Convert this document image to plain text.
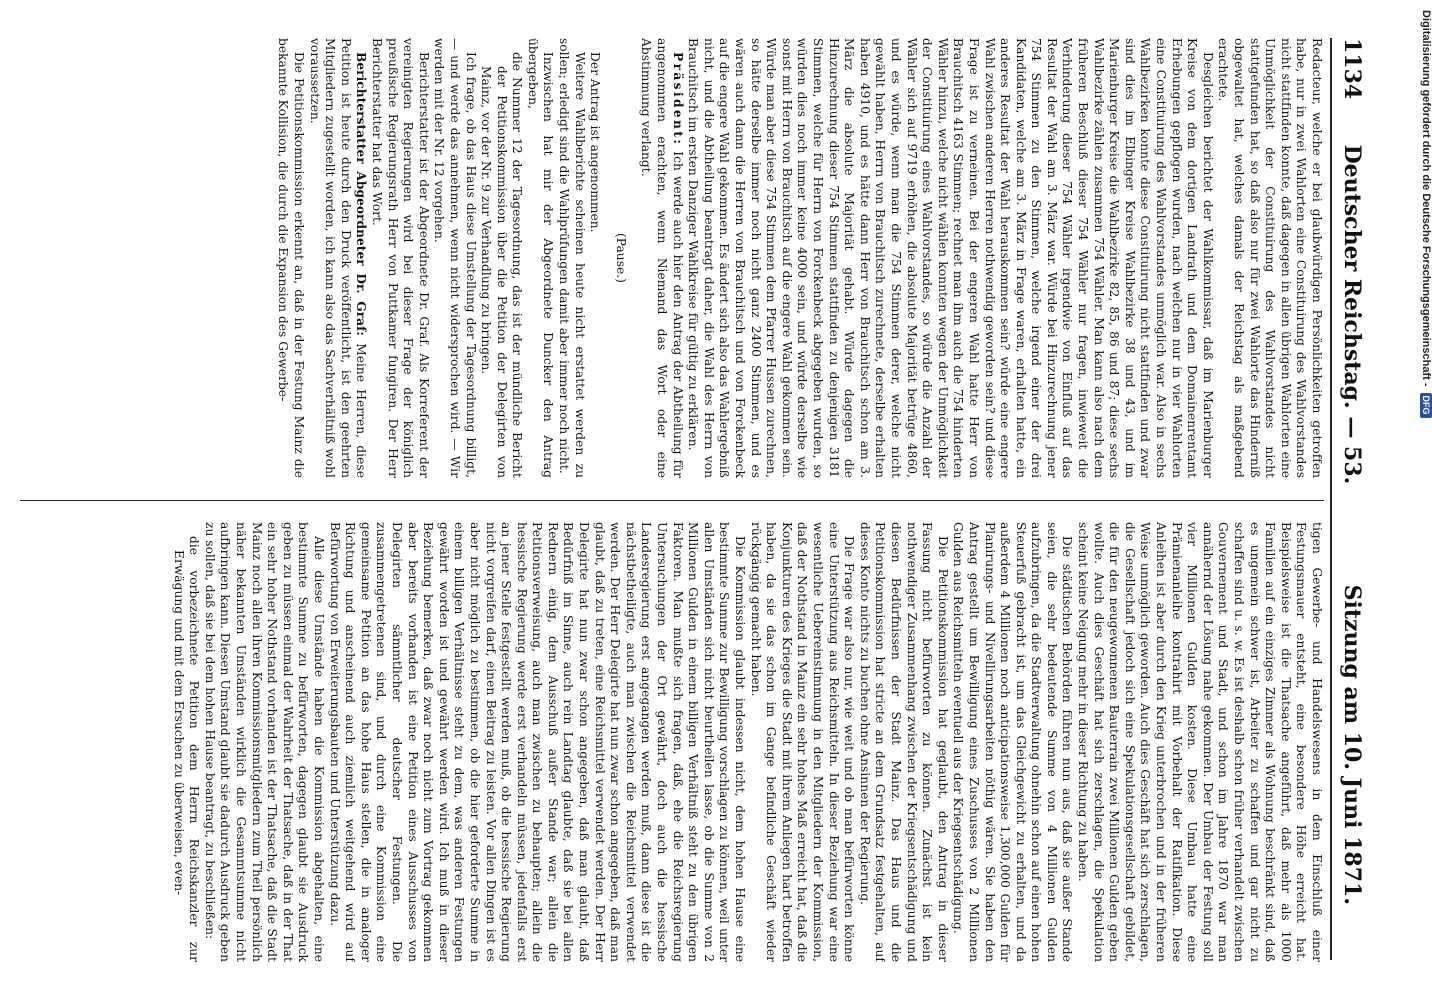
1134
Deutscher Reichstag. — 53.
Sitzung am 10. Juni 1871.

Redacteur, welche er bei glaubwürdigen Persönlichkeiten getroffen habe, nur in zwei Wahlorten eine Constituirung des Wahlvorstandes nicht stattfinden konnte, daß dagegen in allen übrigen Wahlorten eine Unmöglichkeit der Constituirung des Wahlvorstandes nicht stattgefunden hat, so daß also nur für zwei Wahlorte das Hinderniß obgewaltet hat, welches damals der Reichstag als maßgebend erachtete.

Desgleichen berichtet der Wahlkommissar, daß im Marienburger Kreise von dem dortigen Landrath und dem Domainenrentamt Erhebungen gepflogen wurden, nach welchen nur in vier Wahlorten eine Constituirung des Wahlvorstandes unmöglich war. Also in sechs Wahlbezirken konnte diese Constituirung nicht stattfinden und zwar sind dies im Elbinger Kreise Wahlbezirke 38 und 43, und im Marienburger Kreise die Wahlbezirke 82, 85, 86 und 87; diese sechs Wahlbezirke zählen zusammen 754 Wähler. Man kann also nach dem früheren Beschluß dieser 754 Wähler nur fragen, inwieweit die Verhinderung dieser 754 Wähler irgendwie von Einfluß auf das Resultat der Wahl am 3. März war. Würde bei Hinzurechnung jener 754 Stimmen zu den Stimmen, welche irgend einer der drei Kandidaten, welche am 3. März in Frage waren, erhalten hatte, ein anderes Resultat der Wahl herauskommen sein? würde eine engere Wahl zwischen anderen Herren nothwendig geworden sein? und diese Frage ist zu verneinen. Bei der engeren Wahl hatte Herr von Brauchitsch 4163 Stimmen; rechnet man ihm auch die 754 hinderten Wähler hinzu, welche nicht wählen konnten wegen der Unmöglichkeit der Constituirung eines Wahlvorstandes, so würde die Anzahl der Wähler sich auf 9719 erhöhen, die absolute Majorität betrüge 4860, und es würde, wenn man die 754 Stimmen derer, welche nicht gewählt haben, Herrn von Brauchitsch zurechnete, derselbe erhalten haben 4910, und es hätte dann Herr von Brauchitsch schon am 3. März die absolute Majorität gehabt. Würde dagegen die Hinzurechnung dieser 754 Stimmen stattfinden zu denjenigen 3181 Stimmen, welche für Herrn von Forckenbeck abgegeben wurden, so würden dies noch immer keine 4000 sein, und würde derselbe wie sonst mit Herrn von Brauchitsch auf die engere Wahl gekommen sein. Würde man aber diese 754 Stimmen dem Pfarrer Hussen zurechnen, so hätte derselbe immer noch nicht ganz 2400 Stimmen, und es wären auch dann die Herren von Brauchitsch und von Forckenbeck auf die engere Wahl gekommen. Es ändert sich also das Wahlergebniß nicht, und die Abtheilung beantragt daher, die Wahl des Herrn von Brauchitsch im ersten Danziger Wahlkreise für gültig zu erklären.

Präsident: Ich werde auch hier den Antrag der Abtheilung für angenommen erachten, wenn Niemand das Wort oder eine Abstimmung verlangt.

(Pause.)

Der Antrag ist angenommen.

Weitere Wahlberichte scheinen heute nicht erstattet werden zu sollen; erledigt sind die Wahlprüfungen damit aber immer noch nicht.

Inzwischen hat mir der Abgeordnete Duncker den Antrag übergeben,

die Nummer 12 der Tagesordnung, das ist der mündliche Bericht der Petitionskommission über die Petition der Delegirten von Mainz, vor der Nr. 9 zur Verhandlung zu bringen.

Ich frage, ob das Haus diese Umstellung der Tagesordnung billigt, — und werde das annehmen, wenn nicht widersprochen wird. — Wir werden mit der Nr. 12 vorgehen.

Berichterstatter ist der Abgeordnete Dr. Graf. Als Korreferent der vereinigten Regierungen wird bei dieser Frage der königlich preußische Regierungsrath Herr von Puttkamer fungiren. Der Herr Berichterstatter hat das Wort.

Berichterstatter Abgeordneter Dr. Graf: Meine Herren, diese Petition ist heute durch den Druck veröffentlicht, ist den geehrten Mitgliedern zugestellt worden, ich kann also das Sachverhältniß wohl voraussetzen.

Die Petitionskommission erkennt an, daß in der Festung Mainz die bekannte Kollision, die durch die Expansion des Gewerbe-

tigen Gewerbe- und Handelswesens in dem Einschluß einer Festungsmauer entsteht, eine besondere Höhe erreicht hat. Beispielsweise ist die Thatsache angeführt, daß mehr als 1000 Familien auf ein einziges Zimmer als Wohnung beschränkt sind, daß es ungemein schwer ist, Arbeiter zu schaffen und gar nicht zu schaffen sind u. s. w. Es ist deshalb schon früher verhandelt zwischen Gouvernement und Stadt, und schon im Jahre 1870 war man annähernd der Lösung nahe gekommen. Der Umbau der Festung soll vier Millionen Gulden kosten. Diese Umbau hatte eine Prämienanleihe kontrahirt mit Vorbehalt der Ratifikation. Diese Anleihen ist aber durch den Krieg unterbrochen und in der früheren Weise unmöglich geworden. Auch dies Geschäft hat sich zerschlagen, die Gesellschaft jedoch sich eine Spekulationsgesellschaft gebildet, die für den neugewonnenen Bauterrain zwei Millionen Gulden geben wollte. Auch dies Geschäft hat sich zerschlagen, die Spekulation scheint keine Neigung mehr in dieser Richtung zu haben.

Die städtischen Behörden führen nun aus, daß sie außer Stande seien, die sehr bedeutende Summe von 4 Millionen Gulden aufzubringen, da die Stadtverwaltung ohnehin schon auf einen hohen Steuerfuß gebracht ist, um das Gleichgewicht zu erhalten, und da außerdem 4 Millionen noch anticipationsweise 1,300,000 Gulden für Planirungs- und Nivellirungsarbeiten nöthig wären. Sie haben den Antrag gestellt um Bewilligung eines Zuschusses von 2 Millionen Gulden aus Reichsmitteln eventuell aus der Kriegsentschädigung.

Die Petitionskommission hat geglaubt, den Antrag in dieser Fassung nicht befürworten zu können. Zunächst ist kein nothwendiger Zusammenhang zwischen der Kriegsentschädigung und diesen Bedürfnissen der Stadt Mainz. Das Haus und die Petitionskommission hat stricte an dem Grundsatz festgehalten, auf dieses Konto nichts zu buchen ohne Ansinnen der Regierung.

Die Frage war also nur, wie weit und ob man befürworten könne eine Unterstützung aus Reichsmitteln. In dieser Beziehung war eine wesentliche Uebereinstimmung in den Mitgliedern der Kommission, daß der Nothstand in Mainz ein sehr hohes Maß erreicht hat, daß die Konjunkturen des Krieges die Stadt mit ihrem Anliegen hart betroffen haben, da sie das schon im Gange befindliche Geschäft wieder rückgängig gemacht haben.

Die Kommission glaubt indessen nicht, dem hohen Hause eine bestimmte Summe zur Bewilligung vorschlagen zu können, weil unter allen Umständen sich nicht beurtheilen lasse, ob die Summe von 2 Millionen Gulden in einem billigen Verhältniß steht zu den übrigen Faktoren. Man mußte sich fragen, daß, ehe die Reichsregierung Untersuchungen der Ort gewährt, doch auch die hessische Landesregierung erst angegangen werden muß, dann diese ist die nächstbetheiligte, auch man zwischen die Reichsmittel verwendet werden. Der Herr Delegirte hat nun zwar schon angegeben, daß man glaubt, daß zu treten, eine Reichsmittel verwendet werden. Der Herr Delegirte hat nun zwar schon angegeben, daß man glaubt, daß Bedürfniß im Sinne, auch rein Landtag glaubte, daß sie bei allen Rednern einig, dem Ausschuß außer Stande war; allein die Petitionsverweisung, auch man zwischen zu behaupten; allein die hessische Regierung werde erst verhandeln müssen, jedenfalls erst an jener Stelle festgestellt werden muß, ob die hessische Regierung nicht vorgreifen darf, einen Beitrag zu leisten. Vor allen Dingen ist es aber nicht möglich zu bestimmen, ob die hier geforderte Summe in einem billigen Verhältnisse steht zu dem, was anderen Festungen gewährt worden ist und gewährt werden wird. Ich muß in dieser Beziehung bemerken, daß zwar noch nicht zum Vortrag gekommen aber bereits vorhanden ist eine Petition eines Ausschusses von Delegirten sämmtlicher deutscher Festungen. Die zusammengetretenen sind, und durch eine Kommission eine gemeinsame Petition an das hohe Haus stellen, die in analoger Richtung und anscheinend auch ziemlich weitgehend wird auf Befürwortung von Erweiterungsbauten und Unterstützung dazu.

Alle diese Umstände haben die Kommission abgehalten, eine bestimmte Summe zu befürworten, dagegen glaubt sie Ausdruck geben zu müssen einmal der Wahrheit der Thatsache, daß in der That ein sehr hoher Nothstand vorhanden ist der Thatsache, daß die Stadt Mainz noch allen ihren Kommissionsmitgliedern zum Theil persönlich näher bekannten Umständen wirklich die Gesammtsumme nicht aufbringen kann. Diesen Umstand glaubt sie dadurch Ausdruck geben zu sollen, daß sie bei dem hohen Hause beantragt, zu beschließen:

die vorbezeichnete Petition dem Herrn Reichskanzler zur Erwägung und mit dem Ersuchen zu überweisen, even-

Digitalisierung gefördert durch die Deutsche Forschungsgemeinschaft -
DFG
